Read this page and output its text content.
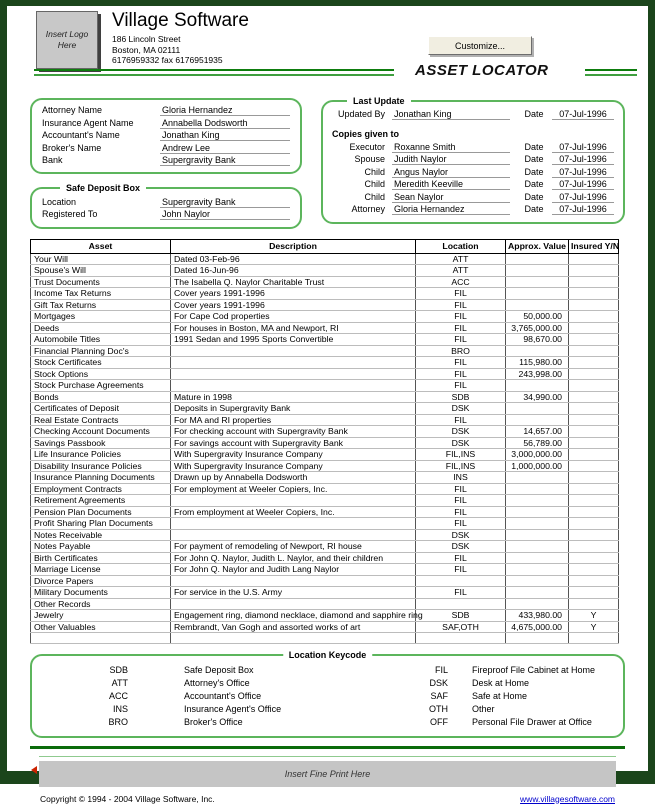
Insert Logo Here
Village Software
186 Lincoln Street
Boston, MA 02111
6176959332 fax 6176951935
Customize...
ASSET LOCATOR
Attorney Name	Gloria Hernandez
Insurance Agent Name	Annabella Dodsworth
Accountant's Name	Jonathan King
Broker's Name	Andrew Lee
Bank	Supergravity Bank
Safe Deposit Box
Location	Supergravity Bank
Registered To	John Naylor
Last Update
Updated By	Jonathan King	Date	07-Jul-1996
Copies given to
Executor	Roxanne Smith	Date	07-Jul-1996
Spouse	Judith Naylor	Date	07-Jul-1996
Child	Angus Naylor	Date	07-Jul-1996
Child	Meredith Keeville	Date	07-Jul-1996
Child	Sean Naylor	Date	07-Jul-1996
Attorney	Gloria Hernandez	Date	07-Jul-1996
Asset	Description	Location	Approx. Value	Insured Y/N
Your Will	Dated 03-Feb-96	ATT		
Spouse's Will	Dated 16-Jun-96	ATT		
Trust Documents	The Isabella Q. Naylor Charitable Trust	ACC		
Income Tax Returns	Cover years 1991-1996	FIL		
Gift Tax Returns	Cover years 1991-1996	FIL		
Mortgages	For Cape Cod properties	FIL	50,000.00	
Deeds	For houses in Boston, MA and Newport, RI	FIL	3,765,000.00	
Automobile Titles	1991 Sedan and 1995 Sports Convertible	FIL	98,670.00	
Financial Planning Doc's		BRO		
Stock Certificates		FIL	115,980.00	
Stock Options		FIL	243,998.00	
Stock Purchase Agreements		FIL		
Bonds	Mature in 1998	SDB	34,990.00	
Certificates of Deposit	Deposits in Supergravity Bank	DSK		
Real Estate Contracts	For MA and RI properties	FIL		
Checking Account Documents	For checking account with Supergravity Bank	DSK	14,657.00	
Savings Passbook	For savings account with Supergravity Bank	DSK	56,789.00	
Life Insurance Policies	With Supergravity Insurance Company	FIL,INS	3,000,000.00	
Disability Insurance Policies	With Supergravity Insurance Company	FIL,INS	1,000,000.00	
Insurance Planning Documents	Drawn up by Annabella Dodsworth	INS		
Employment Contracts	For employment at Weeler Copiers, Inc.	FIL		
Retirement Agreements		FIL		
Pension Plan Documents	From employment at Weeler Copiers, Inc.	FIL		
Profit Sharing Plan Documents		FIL		
Notes Receivable		DSK		
Notes Payable	For payment of remodeling of Newport, RI house	DSK		
Birth Certificates	For John Q. Naylor, Judith L. Naylor, and their children	FIL		
Marriage License	For John Q. Naylor and Judith Lang Naylor	FIL		
Divorce Papers				
Military Documents	For service in the U.S. Army	FIL		
Other Records				
Jewelry	Engagement ring, diamond necklace, diamond and sapphire ring	SDB	433,980.00	Y
Other Valuables	Rembrandt, Van Gogh and assorted works of art	SAF,OTH	4,675,000.00	Y

Location Keycode
SDB	Safe Deposit Box	FIL	Fireproof File Cabinet at Home
ATT	Attorney's Office	DSK	Desk at Home
ACC	Accountant's Office	SAF	Safe at Home
INS	Insurance Agent's Office	OTH	Other
BRO	Broker's Office	OFF	Personal File Drawer at Office
Insert Fine Print Here
Copyright © 1994 - 2004 Village Software, Inc.	www.villagesoftware.com
